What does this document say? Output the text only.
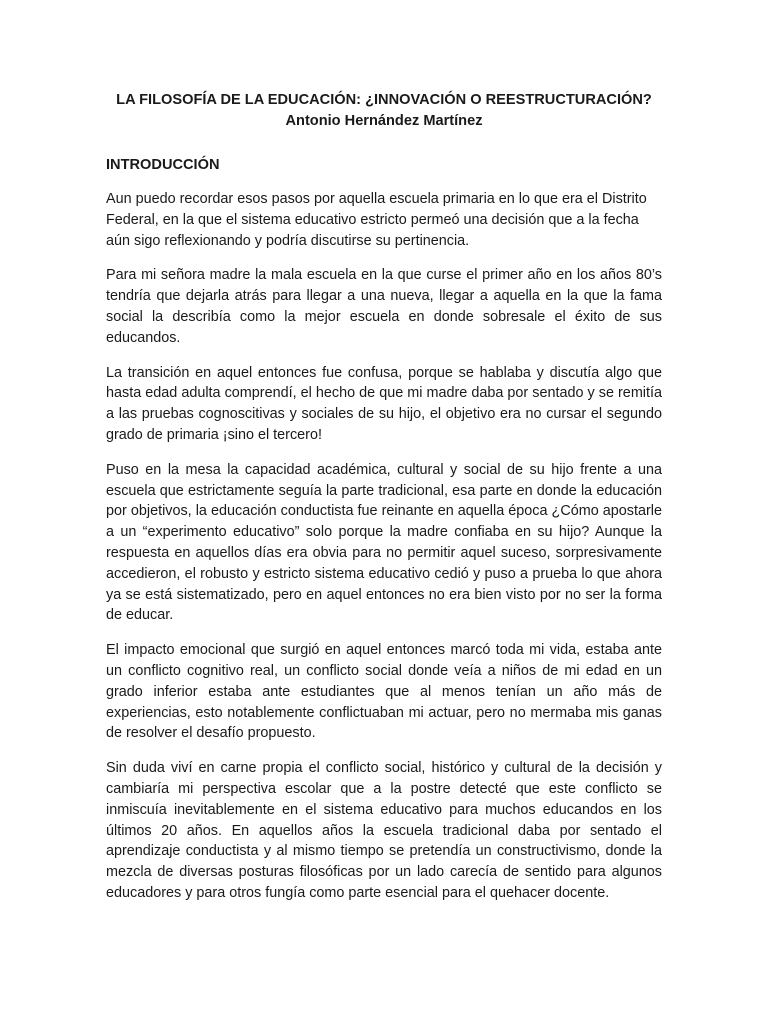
LA FILOSOFÍA DE LA EDUCACIÓN: ¿INNOVACIÓN O REESTRUCTURACIÓN?

Antonio Hernández Martínez

INTRODUCCIÓN

Aun puedo recordar esos pasos por aquella escuela primaria en lo que era el Distrito Federal, en la que el sistema educativo estricto permeó una decisión que a la fecha aún sigo reflexionando y podría discutirse su pertinencia.

Para mi señora madre la mala escuela en la que curse el primer año en los años 80’s tendría que dejarla atrás para llegar a una nueva, llegar a aquella en la que la fama social la describía como la mejor escuela en donde sobresale el éxito de sus educandos.

La transición en aquel entonces fue confusa, porque se hablaba y discutía algo que hasta edad adulta comprendí, el hecho de que mi madre daba por sentado y se remitía a las pruebas cognoscitivas y sociales de su hijo, el objetivo era no cursar el segundo grado de primaria ¡sino el tercero!

Puso en la mesa la capacidad académica, cultural y social de su hijo frente a una escuela que estrictamente seguía la parte tradicional, esa parte en donde la educación por objetivos, la educación conductista fue reinante en aquella época ¿Cómo apostarle a un “experimento educativo” solo porque la madre confiaba en su hijo? Aunque la respuesta en aquellos días era obvia para no permitir aquel suceso, sorpresivamente accedieron, el robusto y estricto sistema educativo cedió y puso a prueba lo que ahora ya se está sistematizado, pero en aquel entonces no era bien visto por no ser la forma de educar.

El impacto emocional que surgió en aquel entonces marcó toda mi vida, estaba ante un conflicto cognitivo real, un conflicto social donde veía a niños de mi edad en un grado inferior estaba ante estudiantes que al menos tenían un año más de experiencias, esto notablemente conflictuaban mi actuar, pero no mermaba mis ganas de resolver el desafío propuesto.

Sin duda viví en carne propia el conflicto social, histórico y cultural de la decisión y cambiaría mi perspectiva escolar que a la postre detecté que este conflicto se inmiscuía inevitablemente en el sistema educativo para muchos educandos en los últimos 20 años. En aquellos años la escuela tradicional daba por sentado el aprendizaje conductista y al mismo tiempo se pretendía un constructivismo, donde la mezcla de diversas posturas filosóficas por un lado carecía de sentido para algunos educadores y para otros fungía como parte esencial para el quehacer docente.
